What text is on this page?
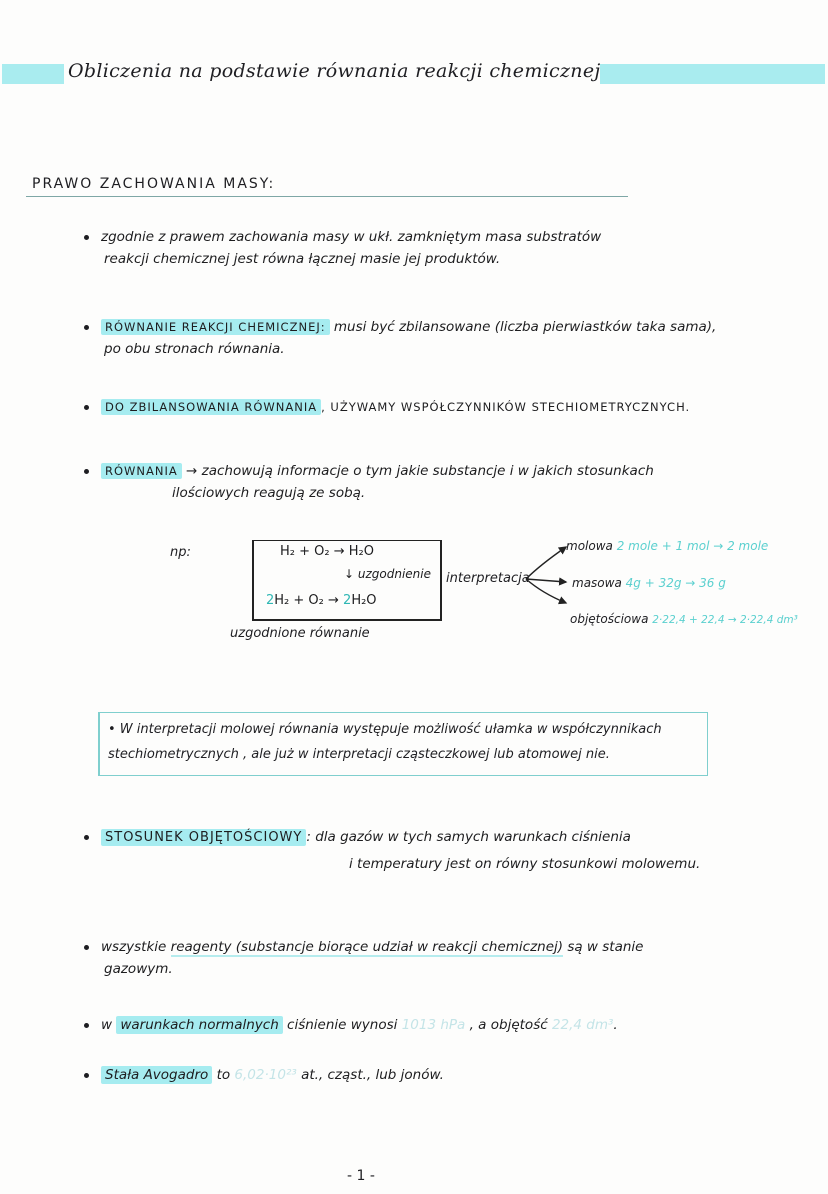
Obliczenia na podstawie równania reakcji chemicznej
PRAWO ZACHOWANIA MASY:
zgodnie z prawem zachowania masy w ukł. zamkniętym masa substratów
reakcji chemicznej jest równa łącznej masie jej produktów.
RÓWNANIE REAKCJI CHEMICZNEJ: musi być zbilansowane (liczba pierwiastków taka sama),
po obu stronach równania.
DO ZBILANSOWANIA RÓWNANIA , UŻYWAMY WSPÓŁCZYNNIKÓW STECHIOMETRYCZNYCH.
RÓWNANIA → zachowują informacje o tym jakie substancje i w jakich stosunkach
ilościowych reagują ze sobą.
np:	H₂ + O₂ → H₂O
↓ uzgodnienie
2H₂ + O₂ → 2H₂O
uzgodnione równanie
interpretacja
molowa 2 mole + 1 mol → 2 mole
masowa 4g + 32g → 36 g
objętościowa 2·22,4 + 22,4 → 2·22,4 dm³
• W interpretacji molowej równania występuje możliwość ułamka w współczynnikach
stechiometrycznych , ale już w interpretacji cząsteczkowej lub atomowej nie.
STOSUNEK OBJĘTOŚCIOWY : dla gazów w tych samych warunkach ciśnienia
i temperatury jest on równy stosunkowi molowemu.
wszystkie reagenty (substancje biorące udział w reakcji chemicznej) są w stanie
gazowym.
w warunkach normalnych ciśnienie wynosi 1013 hPa , a objętość 22,4 dm³.
Stała Avogadro to 6,02·10²³ at., cząst., lub jonów.
- 1 -
